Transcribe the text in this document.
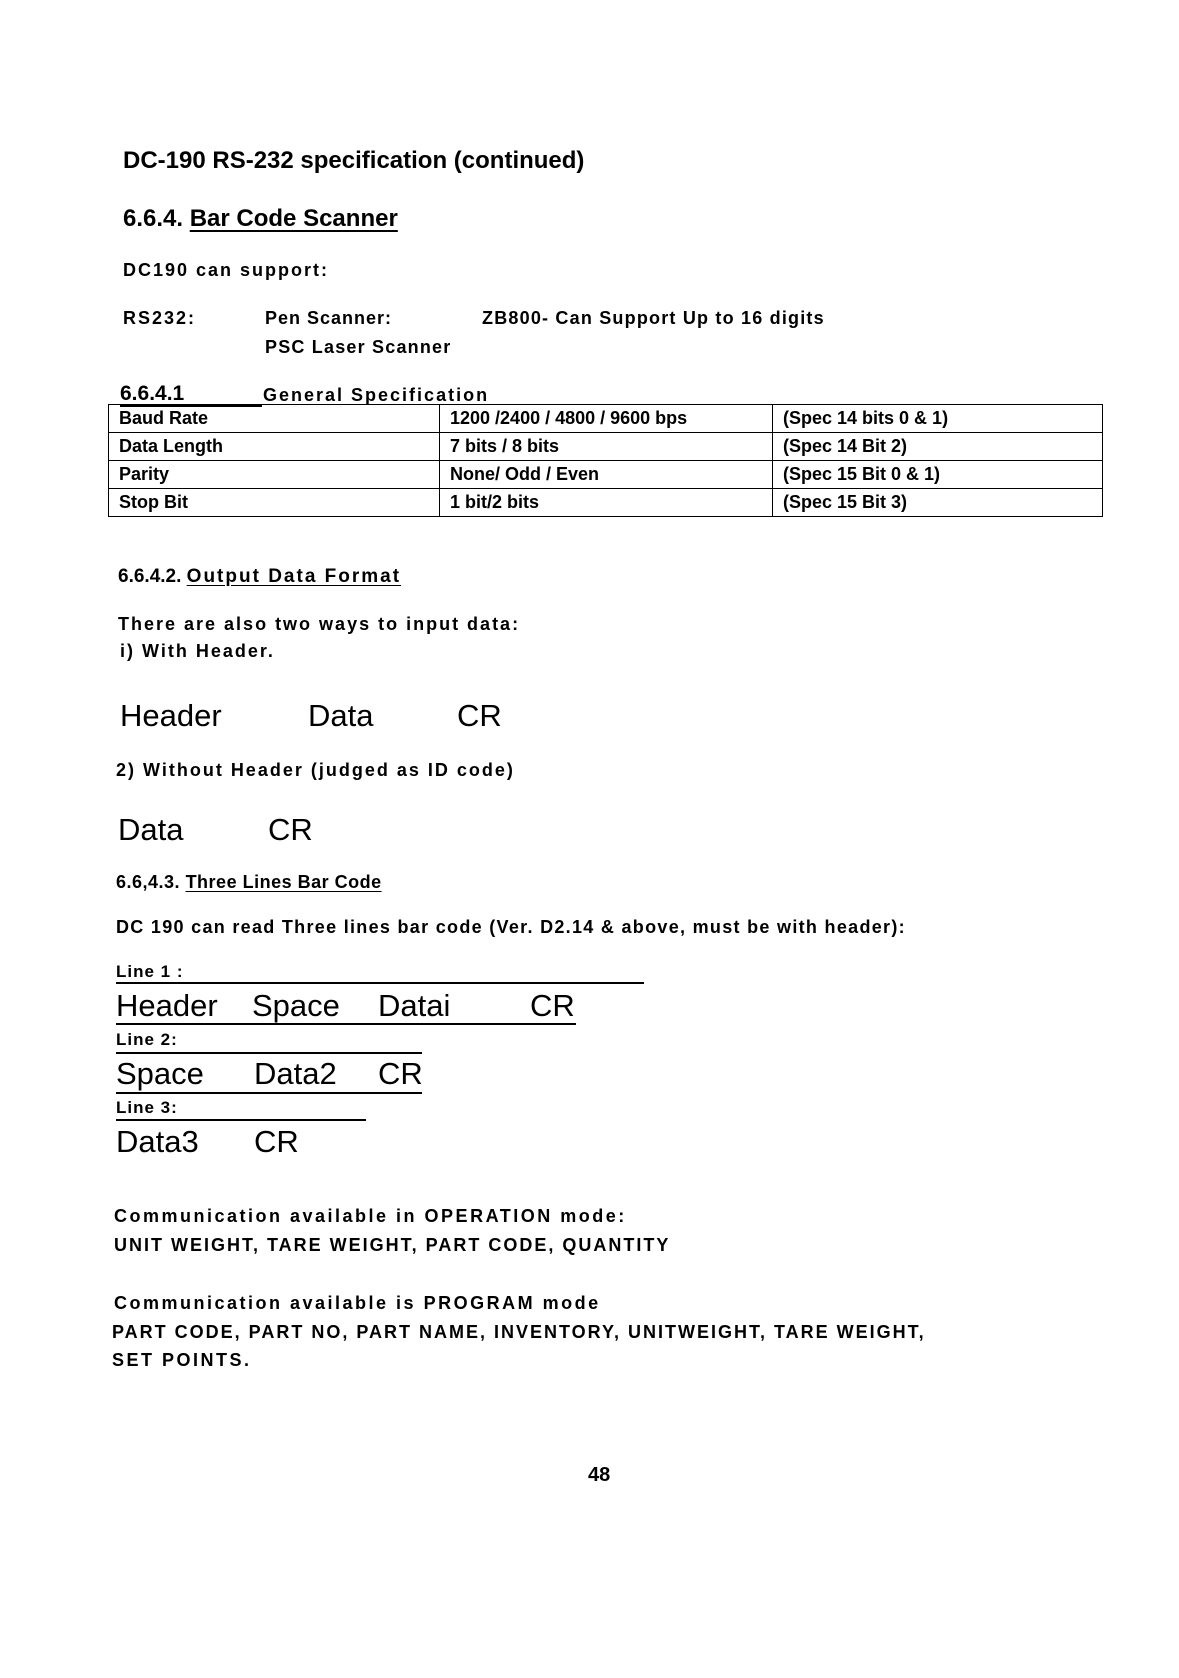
DC-190 RS-232 specification (continued)
6.6.4. Bar Code Scanner
DC190 can support:
RS232:	Pen Scanner:	ZB800- Can Support Up to 16 digits
PSC Laser Scanner
6.6.4.1	General Specification
Baud Rate	1200 /2400 / 4800 / 9600 bps	(Spec 14 bits 0 & 1)
Data Length	7 bits / 8 bits	(Spec 14 Bit 2)
Parity	None/ Odd / Even	(Spec 15 Bit 0 & 1)
Stop Bit	1 bit/2 bits	(Spec 15 Bit 3)
6.6.4.2. Output Data Format
There are also two ways to input data:
i) With Header.
Header	Data	CR
2) Without Header (judged as ID code)
Data	CR
6.6,4.3. Three Lines Bar Code
DC 190 can read Three lines bar code (Ver. D2.14 & above, must be with header):
Line 1 :
Header Space Datai	CR
Line 2:
Space Data2 CR
Line 3:
Data3 CR
Communication available in OPERATION mode:
UNIT WEIGHT, TARE WEIGHT, PART CODE, QUANTITY
Communication available is PROGRAM mode
PART CODE, PART NO, PART NAME, INVENTORY, UNITWEIGHT, TARE WEIGHT,
SET POINTS.
48
